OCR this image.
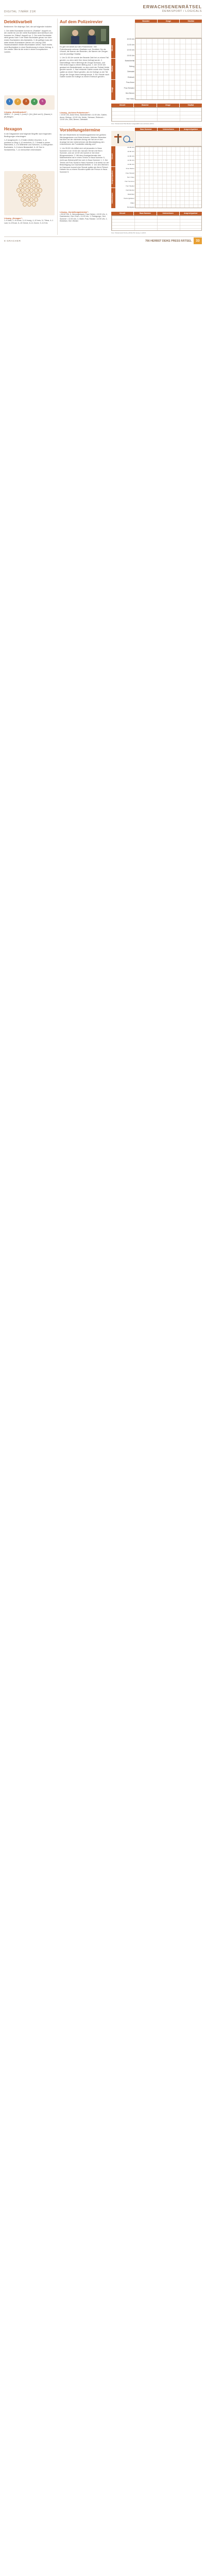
DIGITAL 7/MÄR 21R
ERWACHSENENRÄTSEL
DENKSPORT / LOGICALS
Detektivarbeit
Bestimmen Sie diejenige Zahl, die auf folgender Indizien:
1. Der dritte Buchstabe kommt im „Rosilder“ doppelt vor, der zweite ist und der vierte Buchstabe sind identisch und kommen im „Rätsel“ doppelt vor. 2. Der erste Buchstabe steht genau nach 3 der letzte Buchstabe genau von dem ersten Buchstaben des Alphabets. 3. Ab geflügt muss der dritte letzten Buchstaben stehen ein Lösung 1000 Hausbuchstaben beiden Buchstaben sehen. Nach rechts nicht Buchstaben in einer Bestimmung in einem Vertrag. 4. Der zweite Silbe ist die erste in einem europäischen Landes.
1	2	3	4	5
Lösung „Detektivarbeit“:
NEBEL – 1. (rund) 2. (rund) 3. (Nr.) (fünf und 0). (Nauen) 4. (B) Belgien
Hexagon
In die Diagramme sind folgende Begriffe nach folgenden Bedingungen einzutragen:
1–9 ausgesucht, 2–3 Sollen (Kette) Zeuchen, 3–11 positiven in Ring 4–12 senkrecht, 5–7 Gestalt in seiner Mannsfeld, 2–1 in Millimeter und Schönen, 4–6 Bürgerlich Buchstabe, 5–9 einem Bestandteil, 6–10 See in Nordamerika, 7–11 menschlich erkennbaren
1	2	3
Lösung „Hexagon“:
1–9 Nest, 2–10 Anne, 3–11 Inseg, 4–12 Ines, 5–7 Bear, 4–1 Last, 6–6 Eruse, 6–10 Gesne, 8–11 Zzone, 9–11 Kris
Auf dem Polizeirevier
Es gibt viel Arbeit auf dem Polizeirevier. Vier Polizeibeamte nehmen Straftaten auf. Ermitteln Sie die Uhrzeit, die Namen der Beamten, die Namen der Zeugen und die jeweilige Straftat.
1. Um 11:00 Uhr wurde der Beamte Zahl bei zu einem Fall gerufen, zu dem nicht Herr Amon befragt wurde. 2. Nachmittags: Herrn Behringt die Zeugin Schwarz, und Herr Anton sagt zu einem Betrug aus. 3. Um 10:00 Uhr gestand ein Bankdiebstahl, zu dem nicht der Polizist Heide gerufen wurde. 4. Hart erkannte Gabler wurde eine Stunde später an einem Tatort gerufen, als ein Kollege zu der Tat Zeuge die Zeugin Heinz befragt wurde. 5. Ein Stunde nach Gabler wurde ein Kollege zu einem Einbruch gerufen.
Lösung „Auf dem Polizeirevier“:
• 10:00 Uhr, Alois Heinz, Banküberfall • 11:00 Uhr, Gabler, Amon, Betrug • 12:00 Uhr, Heide, Schwarz, Einbruch • 13:00 Uhr, Zahl, Berner, Diebstahl
Beamter	Zeuge	Straftat
Uhrzeit
Straftat
Zeuge
10:00 Uhr
11:00 Uhr
12:00 Uhr
13:00 Uhr
Banküberfall
Betrug
Diebstahl
Einbruch
Frau Amon
Frau Schwarz
Herr Berner
Herr Heinz
Uhrzeit	Beamter	Zeuge	Straftat
Foto: Shutterstock/ Rita Becker/ ausgewählt/ Lars Lehmann (2017)
Vorstellungstermine
Bei vier Bewerberin ist Vorstellungstermine bei größten Werbeagenturen und Hotel Autoren. Welcher Bewerber hat führt bei der nächsten Anzug wie hat um er dort Anzeige bei den Unternehmen die Bürdestellung den Unternehmen die Fundstellen ständig und?
1. Um 09:00 Uhr trifftet sich mit jemanden in Haus Nummer 6 um 10:00 Uhr hat sein Termin mit Herrn Sommer, und um 12:00 Uhr kommt er bei einer Bürgermeisterin. 2. Mit dem Anzeigenberater des Malerbetriebs hat er einen Termin in Haus Nummer 5, nicht aus Dieberschiff ihm sich in Haus Nummer 1. 3. Der Termin mit Frau Schall in Haus Nummer 4 ist direkt vor der Besichtigung von Dachdeckerbetrieb. 4. Von den Werbern im Hannover kommt eine Stunde später als Herrn Fleisch Helsein bis zu einem Stunden später die Person in Haus Nummer 5.
Lösung „Vorstellungstermine“:
• 09:00 Uhr, 5, Heizungsbauer, Frau Dieber • 10:00 Uhr, 4, Dachdecker, Herr Chen • 11:00 Uhr, 1, Reinigungs, Herr Sommer • 11:00 Uhr, 3, Maler, Frau Hanatz • 12:00 Uhr, 2, Elektriker, Herr Weider
Haus Nummer	Unternehmen	Ansprechpartner
Uhrzeit
Ansprechpartner
Unternehmen
09:00 Uhr
10:00 Uhr
11:00 Uhr
12:00 Uhr
13:00 Uhr
Frau Dieber
Frau Hanatz
Herr Chen
Herr Sommer
Herr Weider
Dachdecker
Elektriker
Heizungsbauer
Maler
Reinigung
Uhrzeit	Haus Nummer	Unternehmen	Ansprechpartner
Foto: Shutterstock/ Dmitry (2013)/ 84/ Jessey 1 (2017)
8 GRACHER	766 HERBST DEIKE PRESS RÄTSEL	33
